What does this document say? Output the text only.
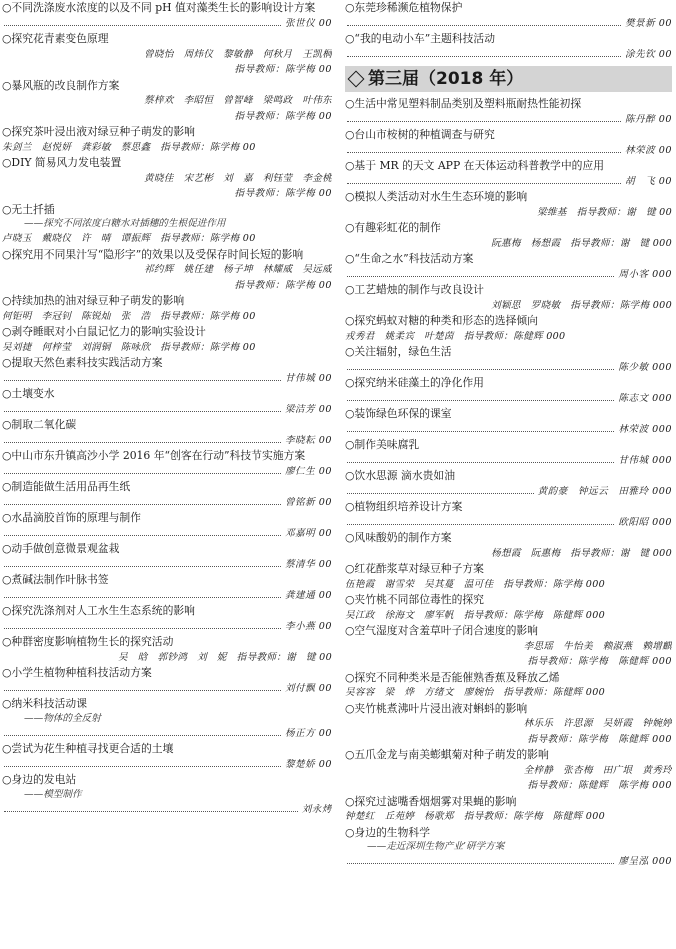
○不同洗涤废水浓度的以及不同 pH 值对藻类生长的影响设计方案
张世仪 00
○探究花青素变色原理
曾晓怡　周炜仪　黎敏静　何秋月　王凯桐
指导教师：陈学梅 00
○暴风瓶的改良制作方案
蔡梓欢　李昭恒　曾智峰　梁鸣政　叶伟东
指导教师：陈学梅 00
○探究茶叶浸出液对绿豆种子萌发的影响
朱剑兰　赵悦妍　龚彩敏　蔡思鑫　指导教师：陈学梅 00
○DIY 简易风力发电装置
黄晓佳　宋艺彬　刘　嘉　利钰莹　李金桃
指导教师：陈学梅 00
○无土扦插
——探究不同浓度白糖水对插穗的生根促进作用
卢晓玉　戴晓仪　许　晴　谭振辉　指导教师：陈学梅 00
○探究用不同果汁写“隐形字”的效果以及受保存时间长短的影响
祁约辉　姚任建　杨子坤　林耀威　吴远威
指导教师：陈学梅 00
○持续加热的油对绿豆种子萌发的影响
何钜明　李冠钊　陈锐灿　张　浩　指导教师：陈学梅 00
○剥夺睡眠对小白鼠记忆力的影响实验设计
吴刘捷　何梓莹　刘润铜　陈咏欣　指导教师：陈学梅 00
○提取天然色素科技实践活动方案
甘伟城 00
○土壤变水
梁洁芳 00
○制取二氧化碳
李晓耘 00
○中山市东升镇高沙小学 2016 年“创客在行动”科技节实施方案
廖仁生 00
○制造能做生活用品再生纸
曾铭新 00
○水晶滴胶首饰的原理与制作
邓嘉明 00
○动手做创意微景观盆栽
蔡清华 00
○煮碱法制作叶脉书签
龚建通 00
○探究洗涤剂对人工水生生态系统的影响
李小燕 00
○种群密度影响植物生长的探究活动
吴　晗　郭钞鸿　刘　妮　指导教师：谢　键 00
○小学生植物种植科技活动方案
刘付飘 00
○纳米科技活动课
——物体的全反射
杨正方 00
○尝试为花生种植寻找更合适的土壤
黎楚娇 00
○身边的发电站
——模型制作
刘永烤
○东莞珍稀濒危植物保护
樊景新 00
○“我的电动小车”主题科技活动
涂先钦 00
第三届（2018 年）
○生活中常见塑料制品类别及塑料瓶耐热性能初探
陈丹醉 00
○台山市桉树的种植调查与研究
林荣波 00
○基于 MR 的天文 APP 在天体运动科普教学中的应用
胡　飞 00
○模拟人类活动对水生生态环境的影响
梁维基　指导教师：谢　键 00
○有趣彩虹花的制作
阮惠梅　杨想霞　指导教师：谢　键 000
○“生命之水”科技活动方案
周小客 000
○工艺蜡烛的制作与改良设计
刘颖思　罗晓敏　指导教师：陈学梅 000
○探究蚂蚁对糖的种类和形态的选择倾向
戎秀君　姚柔宾　叶楚茵　指导教师：陈健辉 000
○关注辐射，绿色生活
陈少敏 000
○探究纳米硅藻土的净化作用
陈志文 000
○装饰绿色环保的课室
林荣波 000
○制作美味腐乳
甘伟城 000
○饮水思源 滴水贵如油
黄韵豪　钟远云　田雅玲 000
○植物组织培养设计方案
欧阳昭 000
○风味酸奶的制作方案
杨想霞　阮惠梅　指导教师：谢　键 000
○红花酢浆草对绿豆种子方案
伍艳霞　谢雪荣　吴其蔓　温可佳　指导教师：陈学梅 000
○夹竹桃不同部位毒性的探究
吴江政　徐海文　廖军帆　指导教师：陈学梅　陈健辉 000
○空气湿度对含羞草叶子闭合速度的影响
李思瑶　牛怡美　赖淑燕　赖增麒
指导教师：陈学梅　陈健辉 000
○探究不同种类米是否能催熟香蕉及释放乙烯
吴容容　梁　烨　方绪文　廖婉怡　指导教师：陈健辉 000
○夹竹桃煮沸叶片浸出液对蝌蚪的影响
林乐乐　许思源　吴妍霞　钟婉婷
指导教师：陈学梅　陈健辉 000
○五爪金龙与南美蟛蜞菊对种子萌发的影响
全梓静　张杏梅　田广垠　黄秀玲
指导教师：陈健辉　陈学梅 000
○探究过滤嘴香烟烟雾对果蝇的影响
钟楚红　丘苑婷　杨歌郑　指导教师：陈学梅　陈健辉 000
○身边的生物科学
——走近深圳生物产业’研学方案
廖呈泓 000
